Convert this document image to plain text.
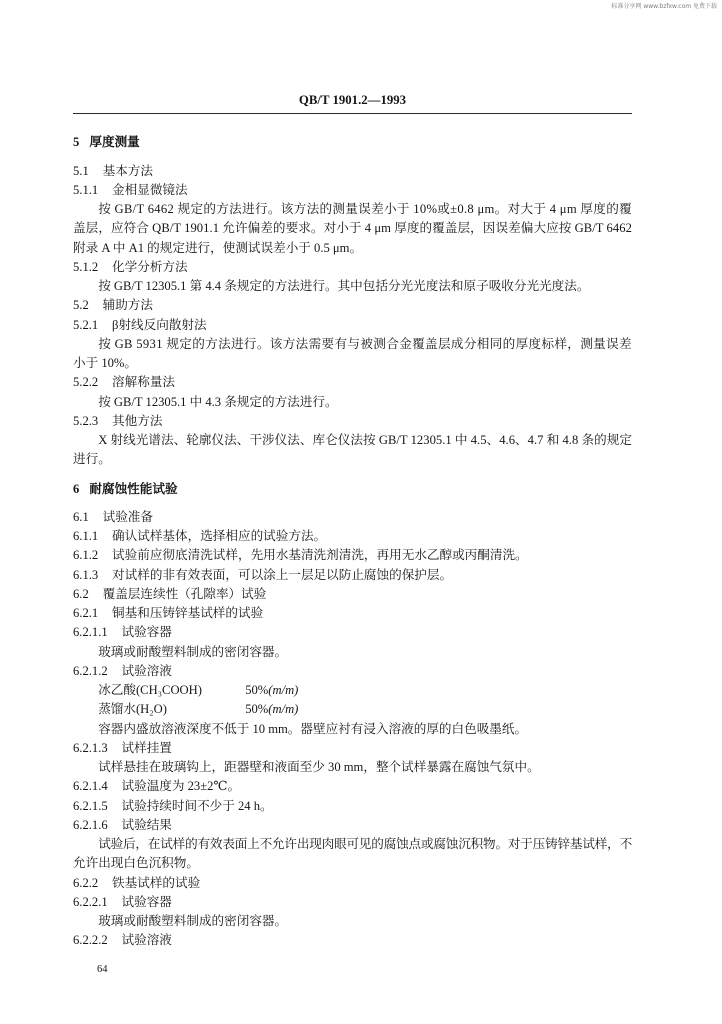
标准分享网 www.bzfxw.com 免费下载
QB/T 1901.2—1993
5 厚度测量
5.1 基本方法
5.1.1 金相显微镜法
按 GB/T 6462 规定的方法进行。该方法的测量误差小于 10%或±0.8 μm。对大于 4 μm 厚度的覆
盖层，应符合 QB/T 1901.1 允许偏差的要求。对小于 4 μm 厚度的覆盖层，因误差偏大应按 GB/T 6462
附录 A 中 A1 的规定进行，使测试误差小于 0.5 μm。
5.1.2 化学分析方法
按 GB/T 12305.1 第 4.4 条规定的方法进行。其中包括分光光度法和原子吸收分光光度法。
5.2 辅助方法
5.2.1 β射线反向散射法
按 GB 5931 规定的方法进行。该方法需要有与被测合金覆盖层成分相同的厚度标样，测量误差
小于 10%。
5.2.2 溶解称量法
按 GB/T 12305.1 中 4.3 条规定的方法进行。
5.2.3 其他方法
X 射线光谱法、轮廓仪法、干涉仪法、库仑仪法按 GB/T 12305.1 中 4.5、4.6、4.7 和 4.8 条的规定
进行。
6 耐腐蚀性能试验
6.1 试验准备
6.1.1 确认试样基体，选择相应的试验方法。
6.1.2 试验前应彻底清洗试样，先用水基清洗剂清洗，再用无水乙醇或丙酮清洗。
6.1.3 对试样的非有效表面，可以涂上一层足以防止腐蚀的保护层。
6.2 覆盖层连续性（孔隙率）试验
6.2.1 铜基和压铸锌基试样的试验
6.2.1.1 试验容器
玻璃或耐酸塑料制成的密闭容器。
6.2.1.2 试验溶液
冰乙酸(CH₃COOH)	50%(m/m)
蒸馏水(H₂O)	50%(m/m)
容器内盛放溶液深度不低于 10 mm。器壁应衬有浸入溶液的厚的白色吸墨纸。
6.2.1.3 试样挂置
试样悬挂在玻璃钩上，距器壁和液面至少 30 mm，整个试样暴露在腐蚀气氛中。
6.2.1.4 试验温度为 23±2℃。
6.2.1.5 试验持续时间不少于 24 h。
6.2.1.6 试验结果
试验后，在试样的有效表面上不允许出现肉眼可见的腐蚀点或腐蚀沉积物。对于压铸锌基试样，不
允许出现白色沉积物。
6.2.2 铁基试样的试验
6.2.2.1 试验容器
玻璃或耐酸塑料制成的密闭容器。
6.2.2.2 试验溶液
64
